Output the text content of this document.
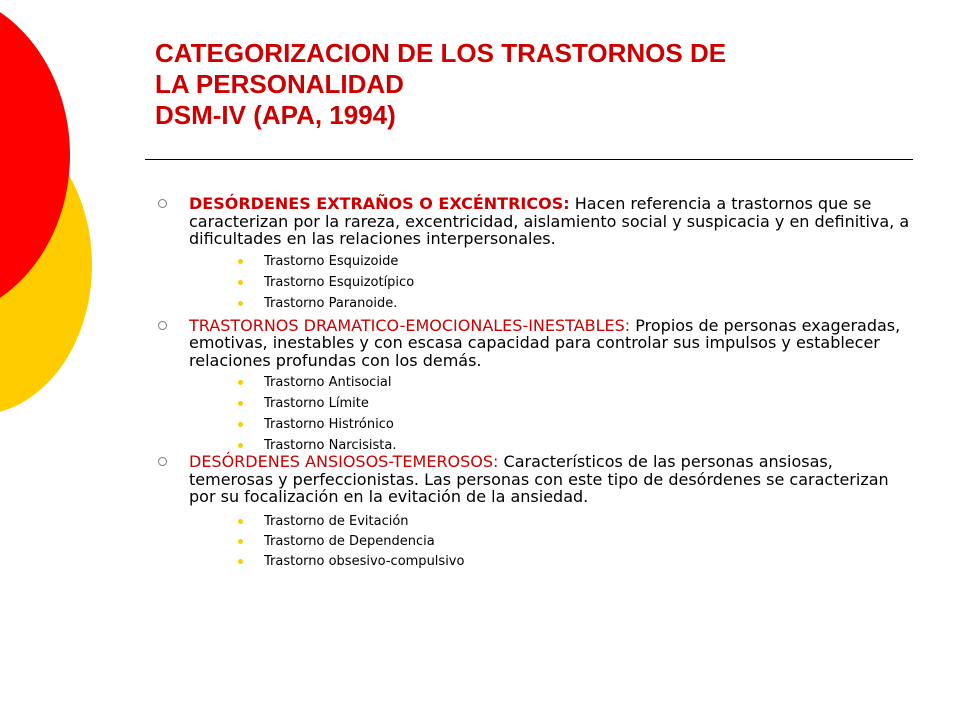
CATEGORIZACION DE LOS TRASTORNOS DE
LA PERSONALIDAD
DSM-IV (APA, 1994)
DESÓRDENES EXTRAÑOS O EXCÉNTRICOS: Hacen referencia a trastornos que se caracterizan por la rareza, excentricidad, aislamiento social y suspicacia y en definitiva, a dificultades en las relaciones interpersonales.
Trastorno Esquizoide
Trastorno Esquizotípico
Trastorno Paranoide.
TRASTORNOS DRAMATICO-EMOCIONALES-INESTABLES: Propios de personas exageradas, emotivas, inestables y con escasa capacidad para controlar sus impulsos y establecer relaciones profundas con los demás.
Trastorno Antisocial
Trastorno Límite
Trastorno Histrónico
Trastorno Narcisista.
DESÓRDENES ANSIOSOS-TEMEROSOS: Característicos de las personas ansiosas, temerosas y perfeccionistas. Las personas con este tipo de desórdenes se caracterizan por su focalización en la evitación de la ansiedad.
Trastorno de Evitación
Trastorno de Dependencia
Trastorno obsesivo-compulsivo
